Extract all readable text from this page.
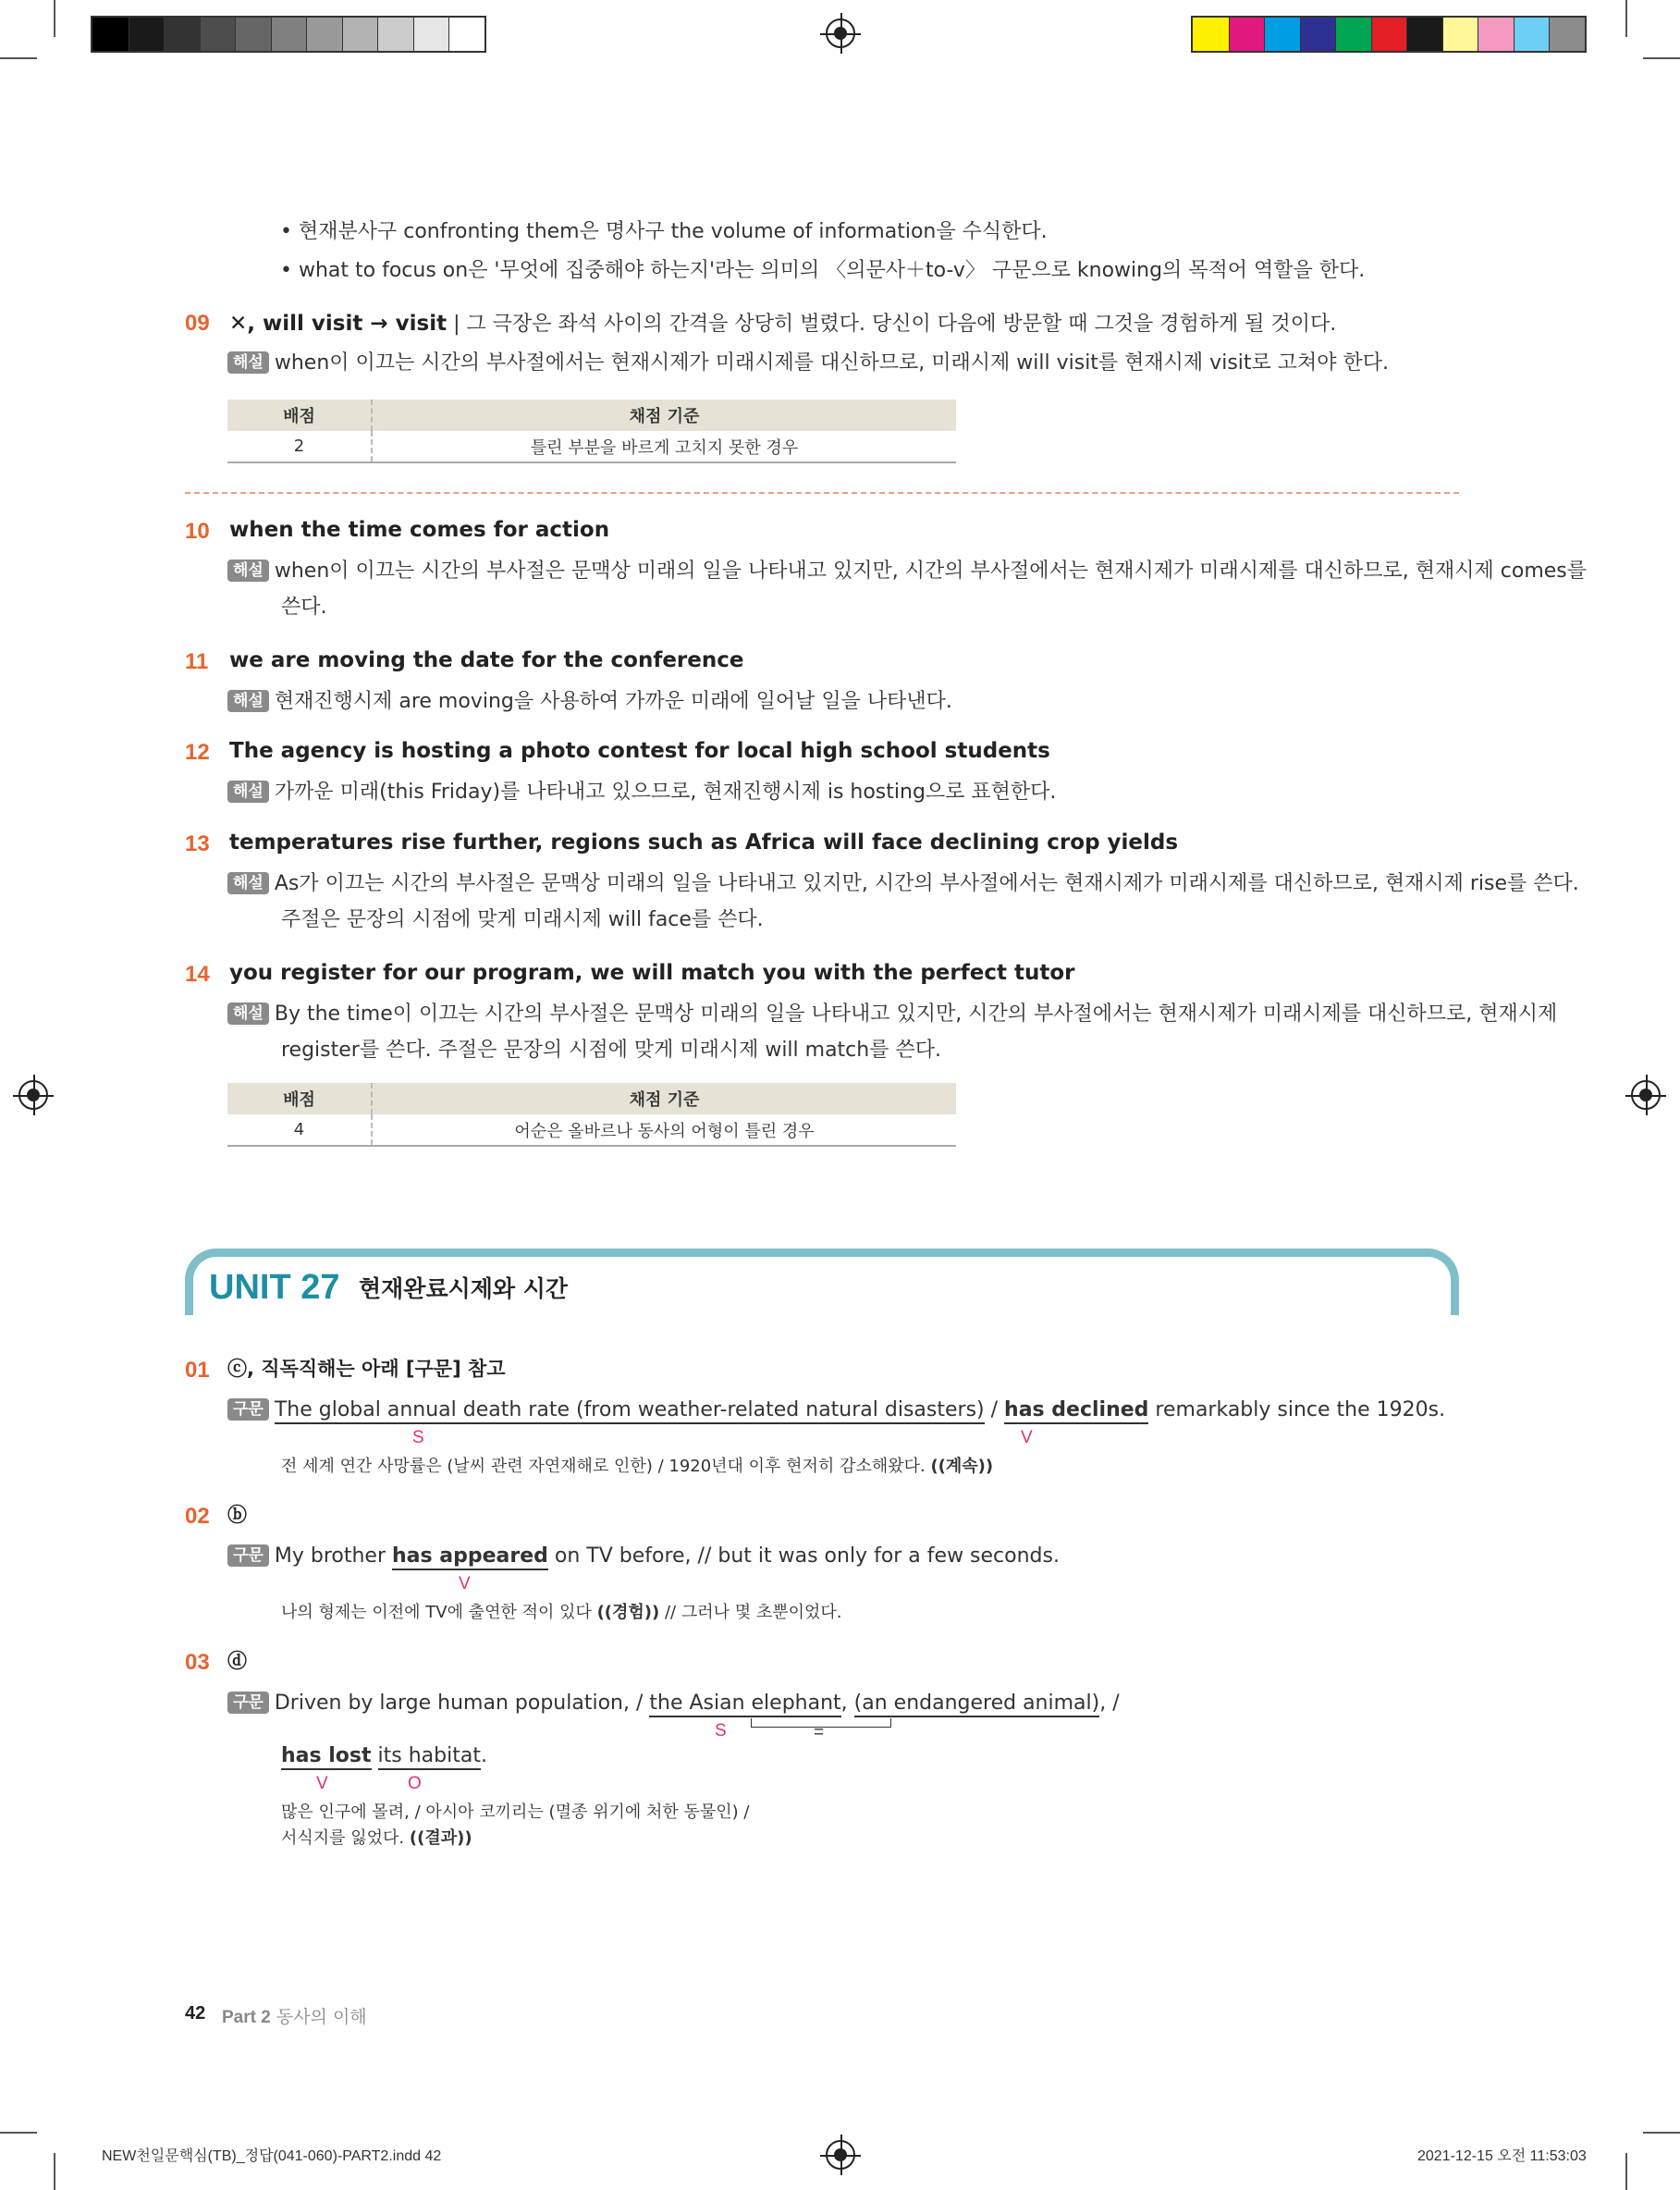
• 현재분사구 confronting them은 명사구 the volume of information을 수식한다.
• what to focus on은 '무엇에 집중해야 하는지'라는 의미의 〈의문사＋to-v〉 구문으로 knowing의 목적어 역할을 한다.
09 ✕, will visit → visit | 그 극장은 좌석 사이의 간격을 상당히 벌렸다. 당신이 다음에 방문할 때 그것을 경험하게 될 것이다.
해설 when이 이끄는 시간의 부사절에서는 현재시제가 미래시제를 대신하므로, 미래시제 will visit를 현재시제 visit로 고쳐야 한다.
배점	채점 기준
2	틀린 부분을 바르게 고치지 못한 경우
10 when the time comes for action
해설 when이 이끄는 시간의 부사절은 문맥상 미래의 일을 나타내고 있지만, 시간의 부사절에서는 현재시제가 미래시제를 대신하므로, 현재시제 comes를
쓴다.
11 we are moving the date for the conference
해설 현재진행시제 are moving을 사용하여 가까운 미래에 일어날 일을 나타낸다.
12 The agency is hosting a photo contest for local high school students
해설 가까운 미래(this Friday)를 나타내고 있으므로, 현재진행시제 is hosting으로 표현한다.
13 temperatures rise further, regions such as Africa will face declining crop yields
해설 As가 이끄는 시간의 부사절은 문맥상 미래의 일을 나타내고 있지만, 시간의 부사절에서는 현재시제가 미래시제를 대신하므로, 현재시제 rise를 쓴다.
주절은 문장의 시점에 맞게 미래시제 will face를 쓴다.
14 you register for our program, we will match you with the perfect tutor
해설 By the time이 이끄는 시간의 부사절은 문맥상 미래의 일을 나타내고 있지만, 시간의 부사절에서는 현재시제가 미래시제를 대신하므로, 현재시제
register를 쓴다. 주절은 문장의 시점에 맞게 미래시제 will match를 쓴다.
배점	채점 기준
4	어순은 올바르나 동사의 어형이 틀린 경우
UNIT 27 현재완료시제와 시간
01 ⓒ, 직독직해는 아래 [구문] 참고
구문 The global annual death rate (from weather-related natural disasters) / has declined remarkably since the 1920s.
S	V
전 세계 연간 사망률은 (날씨 관련 자연재해로 인한) / 1920년대 이후 현저히 감소해왔다. ((계속))
02 ⓑ
구문 My brother has appeared on TV before, // but it was only for a few seconds.
V
나의 형제는 이전에 TV에 출연한 적이 있다 ((경험)) // 그러나 몇 초뿐이었다.
03 ⓓ
구문 Driven by large human population, / the Asian elephant, (an endangered animal), /
S	=
has lost its habitat.
V	O
많은 인구에 몰려, / 아시아 코끼리는 (멸종 위기에 처한 동물인) /
서식지를 잃었다. ((결과))
42 Part 2 동사의 이해
NEW천일문핵심(TB)_정답(041-060)-PART2.indd 42	2021-12-15 오전 11:53:03
